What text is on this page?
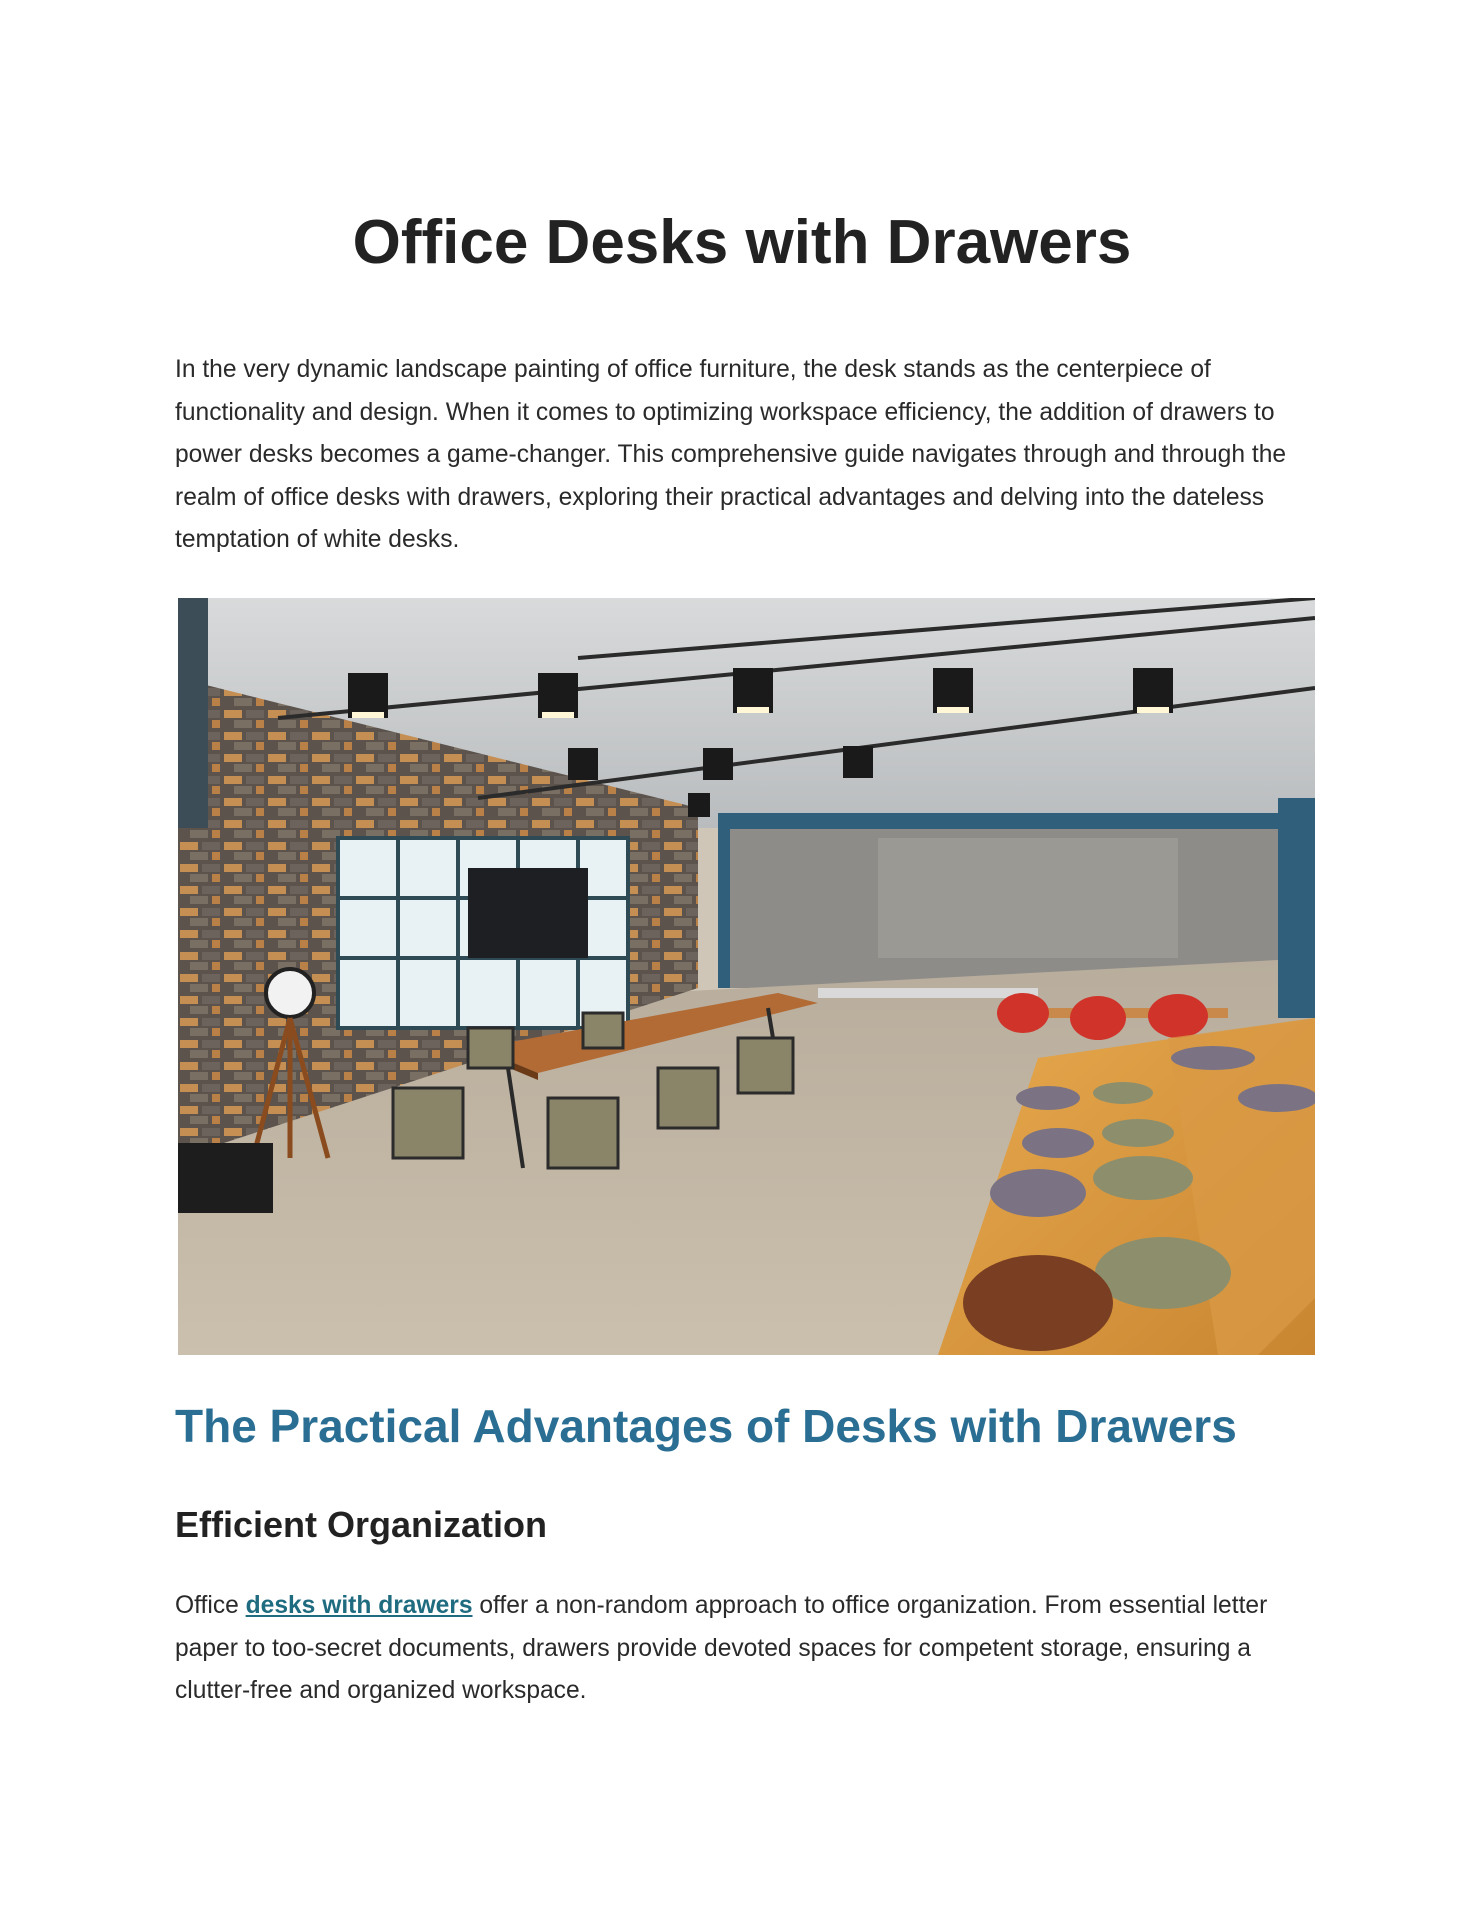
Office Desks with Drawers

In the very dynamic landscape painting of office furniture, the desk stands as the centerpiece of functionality and design. When it comes to optimizing workspace efficiency, the addition of drawers to power desks becomes a game-changer. This comprehensive guide navigates through and through the realm of office desks with drawers, exploring their practical advantages and delving into the dateless temptation of white desks.

The Practical Advantages of Desks with Drawers
Efficient Organization

Office desks with drawers offer a non-random approach to office organization. From essential letter paper to too-secret documents, drawers provide devoted spaces for competent storage, ensuring a clutter-free and organized workspace.
